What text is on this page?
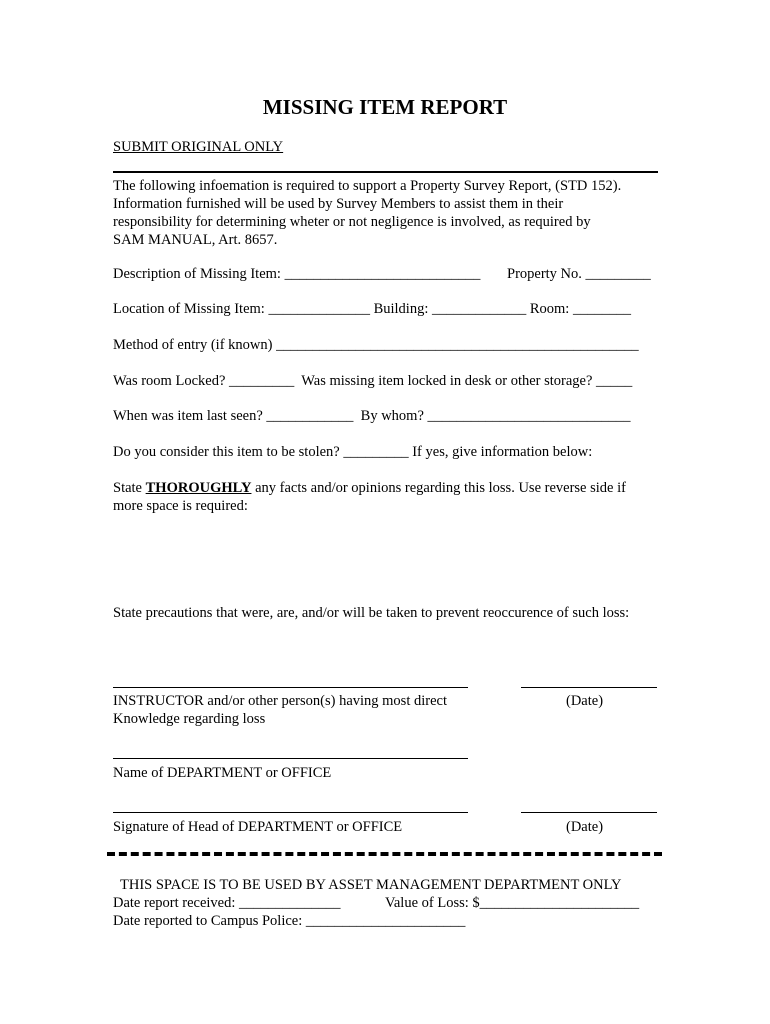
MISSING ITEM REPORT
SUBMIT ORIGINAL ONLY
The following infoemation is required to support a Property Survey Report, (STD 152).
Information furnished will be used by Survey Members to assist them in their
responsibility for determining wheter or not negligence is involved, as required by
SAM MANUAL, Art. 8657.
Description of Missing Item: ___________________________ Property No. _________
Location of Missing Item: ______________ Building: _____________ Room: ________
Method of entry (if known) __________________________________________________
Was room Locked? _________  Was missing item locked in desk or other storage? _____
When was item last seen? ____________  By whom? ____________________________
Do you consider this item to be stolen? _________ If yes, give information below:
State THOROUGHLY any facts and/or opinions regarding this loss. Use reverse side if
more space is required:
State precautions that were, are, and/or will be taken to prevent reoccurence of such loss:
INSTRUCTOR and/or other person(s) having most direct	(Date)
Knowledge regarding loss
Name of DEPARTMENT or OFFICE
Signature of Head of DEPARTMENT or OFFICE	(Date)
THIS SPACE IS TO BE USED BY ASSET MANAGEMENT DEPARTMENT ONLY
Date report received: ______________	Value of Loss: $______________________
Date reported to Campus Police: ______________________
